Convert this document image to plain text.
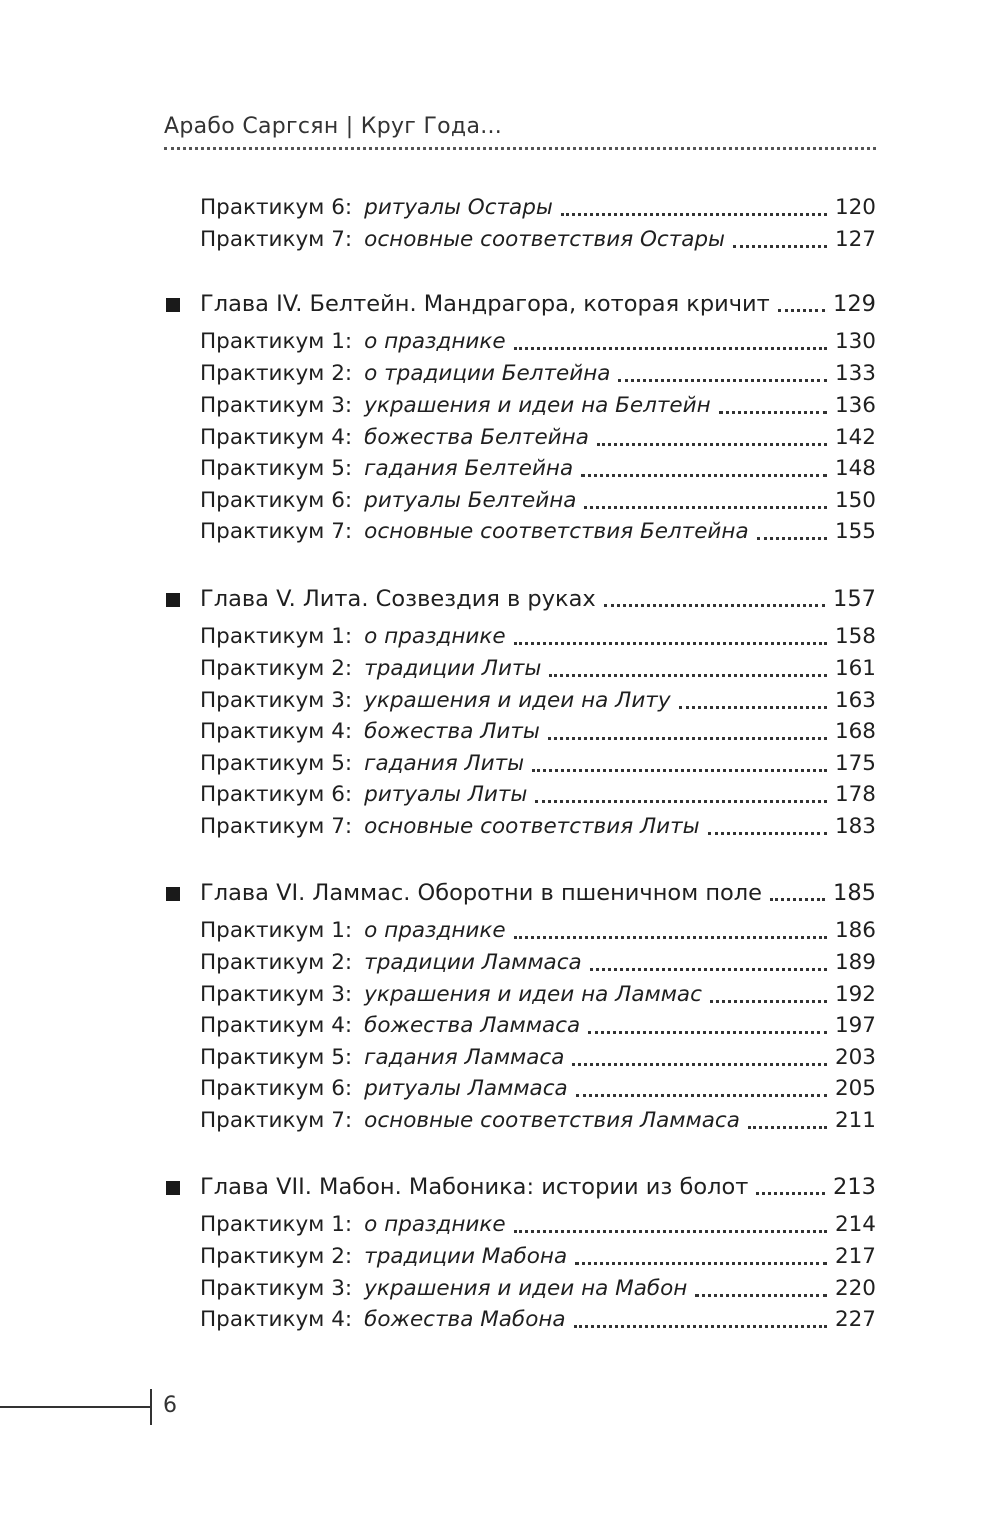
Арабо Саргсян | Круг Года...
Практикум 6: ритуалы Остары	120
Практикум 7: основные соответствия Остары	127
Глава IV. Белтейн. Мандрагора, которая кричит	129
Практикум 1: о празднике	130
Практикум 2: о традиции Белтейна	133
Практикум 3: украшения и идеи на Белтейн	136
Практикум 4: божества Белтейна	142
Практикум 5: гадания Белтейна	148
Практикум 6: ритуалы Белтейна	150
Практикум 7: основные соответствия Белтейна	155
Глава V. Лита. Созвездия в руках	157
Практикум 1: о празднике	158
Практикум 2: традиции Литы	161
Практикум 3: украшения и идеи на Литу	163
Практикум 4: божества Литы	168
Практикум 5: гадания Литы	175
Практикум 6: ритуалы Литы	178
Практикум 7: основные соответствия Литы	183
Глава VI. Ламмас. Оборотни в пшеничном поле	185
Практикум 1: о празднике	186
Практикум 2: традиции Ламмаса	189
Практикум 3: украшения и идеи на Ламмас	192
Практикум 4: божества Ламмаса	197
Практикум 5: гадания Ламмаса	203
Практикум 6: ритуалы Ламмаса	205
Практикум 7: основные соответствия Ламмаса	211
Глава VII. Мабон. Мабоника: истории из болот	213
Практикум 1: о празднике	214
Практикум 2: традиции Мабона	217
Практикум 3: украшения и идеи на Мабон	220
Практикум 4: божества Мабона	227
6
